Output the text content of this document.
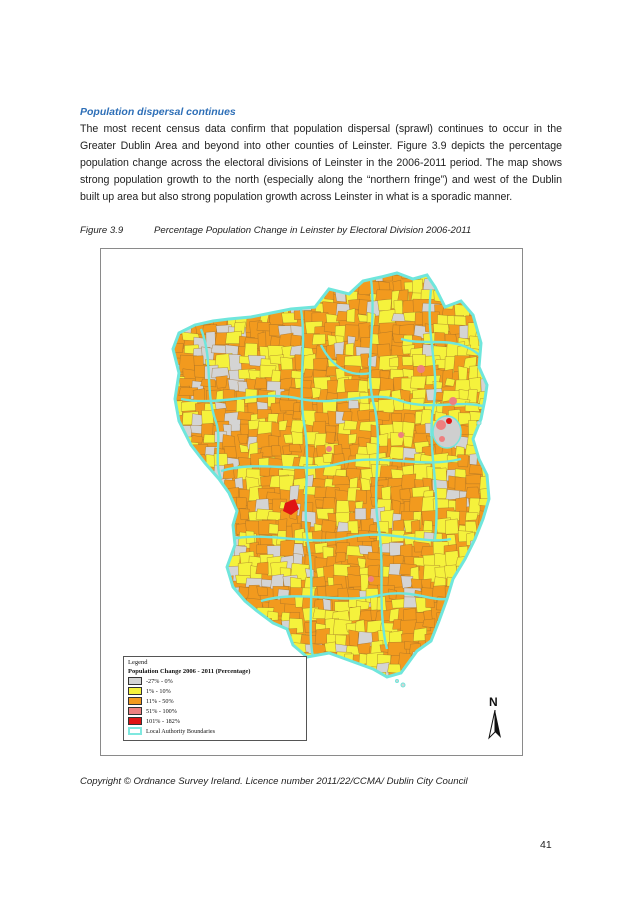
Population dispersal continues
The most recent census data confirm that population dispersal (sprawl) continues to occur in the Greater Dublin Area and beyond into other counties of Leinster. Figure 3.9 depicts the percentage population change across the electoral divisions of Leinster in the 2006-2011 period. The map shows strong population growth to the north (especially along the “northern fringe”) and west of the Dublin built up area but also strong population growth across Leinster in what is a sporadic manner.
Figure 3.9	Percentage Population Change in Leinster by Electoral Division 2006-2011
Legend
Population Change 2006 - 2011 (Percentage)
-27% - 0%
1% - 10%
11% - 50%
51% - 100%
101% - 182%
Local Authority Boundaries
N
Copyright © Ordnance Survey Ireland. Licence number 2011/22/CCMA/ Dublin City Council
41
